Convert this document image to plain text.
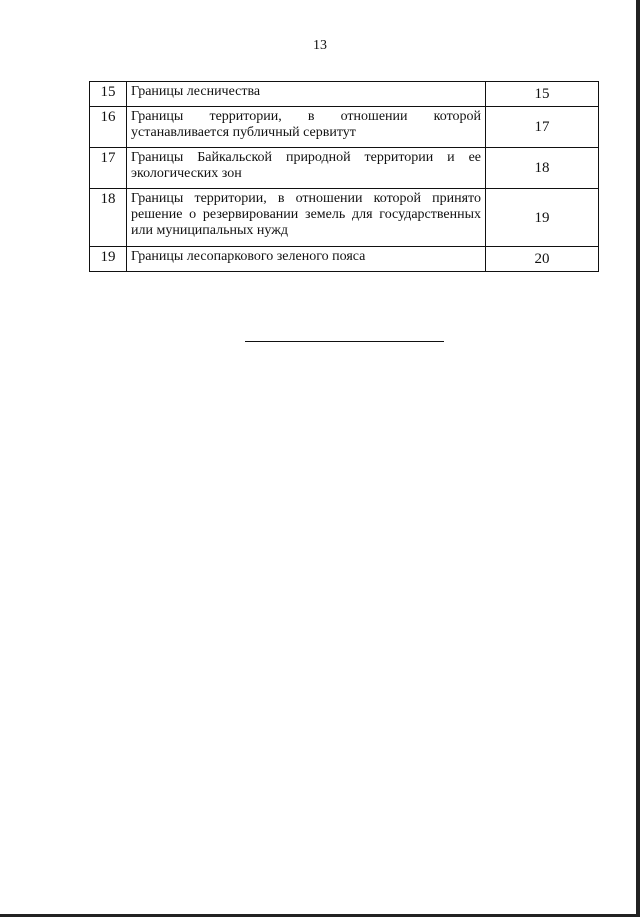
13
15	Границы лесничества	15
16	Границы территории, в отношении которой устанавливается публичный сервитут	17
17	Границы Байкальской природной территории и ее экологических зон	18
18	Границы территории, в отношении которой принято решение о резервировании земель для государственных или муниципальных нужд	19
19	Границы лесопаркового зеленого пояса	20
